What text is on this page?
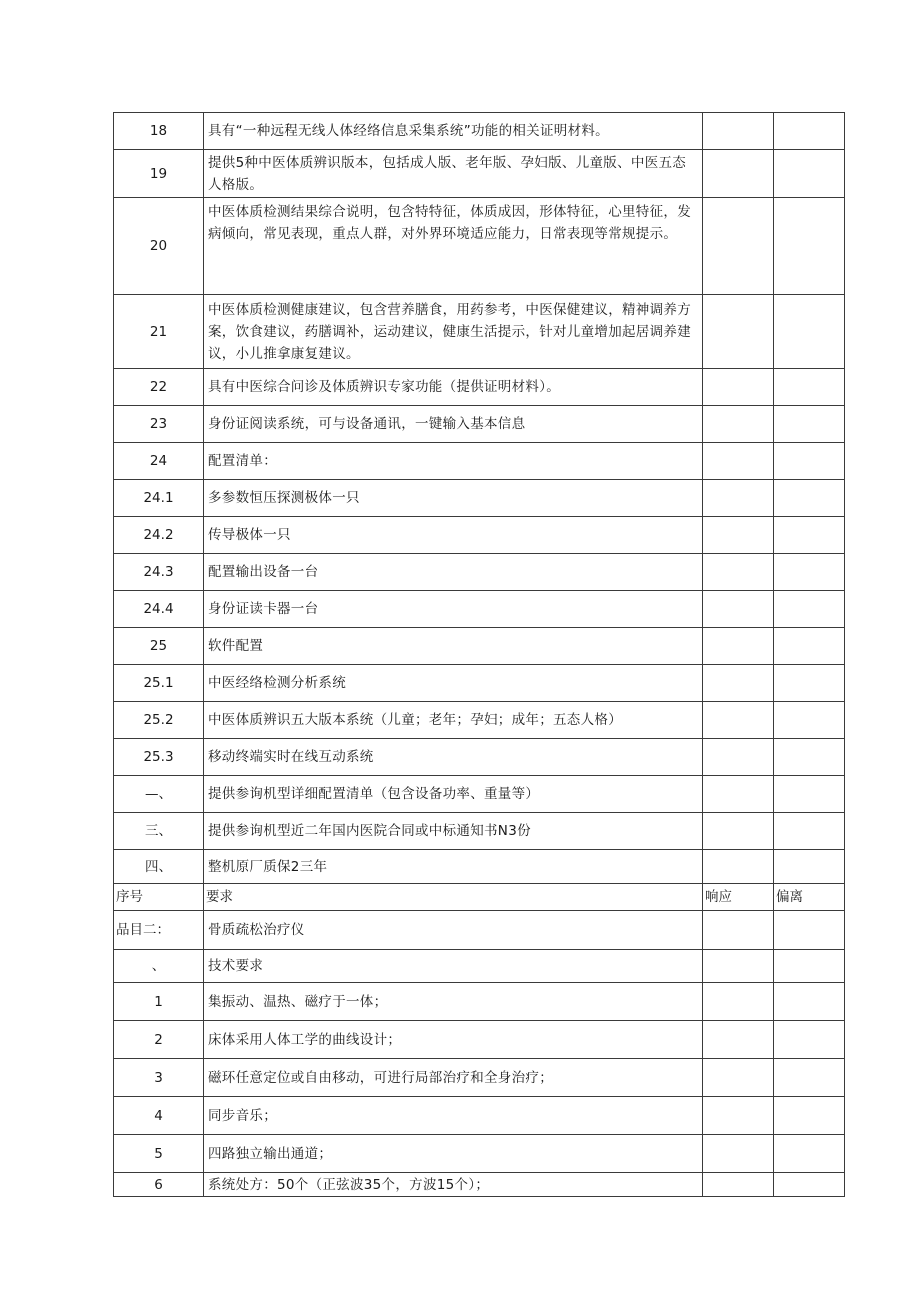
18	具有“一种远程无线人体经络信息采集系统”功能的相关证明材料。		
19	提供5种中医体质辨识版本，包括成人版、老年版、孕妇版、儿童版、中医五态人格版。		
20	中医体质检测结果综合说明，包含特特征，体质成因，形体特征，心里特征，发病倾向，常见表现，重点人群，对外界环境适应能力，日常表现等常规提示。		
21	中医体质检测健康建议，包含营养膳食，用药参考，中医保健建议，精神调养方案，饮食建议，药膳调补，运动建议，健康生活提示，针对儿童增加起居调养建议，小儿推拿康复建议。		
22	具有中医综合问诊及体质辨识专家功能（提供证明材料）。		
23	身份证阅读系统，可与设备通讯，一键输入基本信息		
24	配置清单：		
24.1	多参数恒压探测极体一只		
24.2	传导极体一只		
24.3	配置输出设备一台		
24.4	身份证读卡器一台		
25	软件配置		
25.1	中医经络检测分析系统		
25.2	中医体质辨识五大版本系统（儿童；老年；孕妇；成年；五态人格）		
25.3	移动终端实时在线互动系统		
—、	提供参询机型详细配置清单（包含设备功率、重量等）		
三、	提供参询机型近二年国内医院合同或中标通知书N3份		
四、	整机原厂质保2三年		
序号	要求	响应	偏离
品目二：	骨质疏松治疗仪		
、	技术要求		
1	集振动、温热、磁疗于一体；		
2	床体采用人体工学的曲线设计；		
3	磁环任意定位或自由移动，可进行局部治疗和全身治疗；		
4	同步音乐；		
5	四路独立输出通道；		
6	系统处方：50个（正弦波35个，方波15个）；		
